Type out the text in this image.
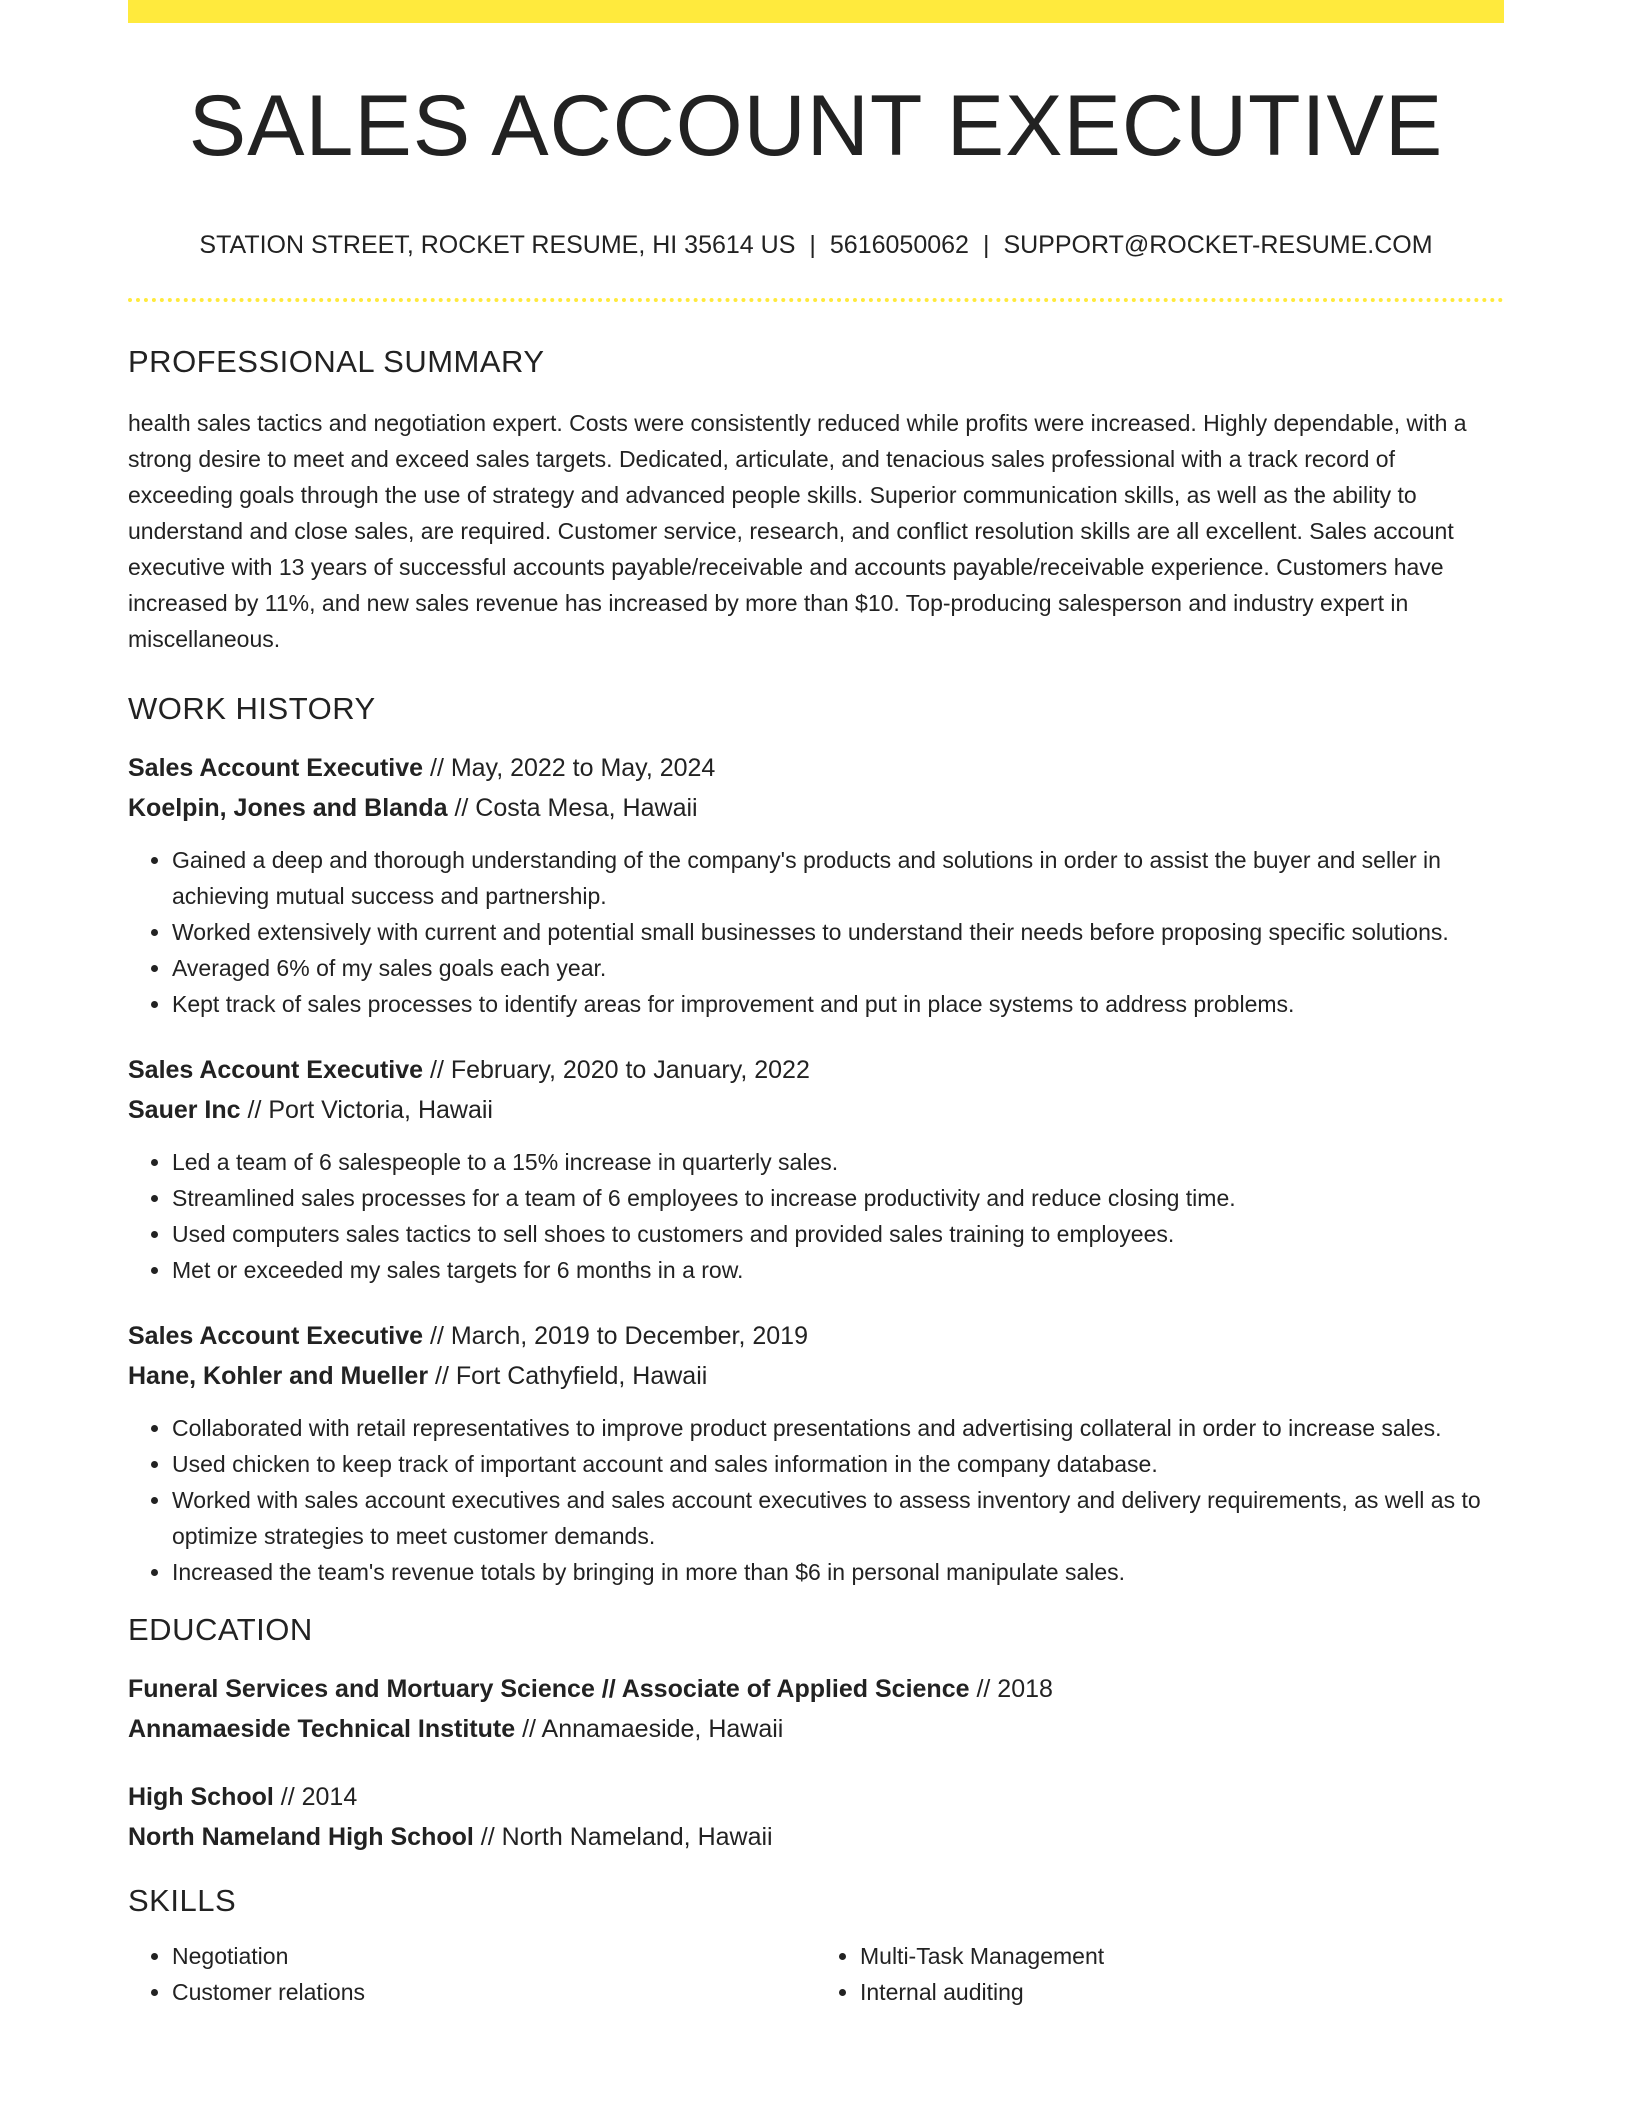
SALES ACCOUNT EXECUTIVE
STATION STREET, ROCKET RESUME, HI 35614 US | 5616050062 | SUPPORT@ROCKET-RESUME.COM
PROFESSIONAL SUMMARY

health sales tactics and negotiation expert. Costs were consistently reduced while profits were increased. Highly dependable, with a strong desire to meet and exceed sales targets. Dedicated, articulate, and tenacious sales professional with a track record of exceeding goals through the use of strategy and advanced people skills. Superior communication skills, as well as the ability to understand and close sales, are required. Customer service, research, and conflict resolution skills are all excellent. Sales account executive with 13 years of successful accounts payable/receivable and accounts payable/receivable experience. Customers have increased by 11%, and new sales revenue has increased by more than $10. Top-producing salesperson and industry expert in miscellaneous.

WORK HISTORY
Sales Account Executive // May, 2022 to May, 2024
Koelpin, Jones and Blanda // Costa Mesa, Hawaii
• Gained a deep and thorough understanding of the company's products and solutions in order to assist the buyer and seller in achieving mutual success and partnership.
• Worked extensively with current and potential small businesses to understand their needs before proposing specific solutions.
• Averaged 6% of my sales goals each year.
• Kept track of sales processes to identify areas for improvement and put in place systems to address problems.
Sales Account Executive // February, 2020 to January, 2022
Sauer Inc // Port Victoria, Hawaii
• Led a team of 6 salespeople to a 15% increase in quarterly sales.
• Streamlined sales processes for a team of 6 employees to increase productivity and reduce closing time.
• Used computers sales tactics to sell shoes to customers and provided sales training to employees.
• Met or exceeded my sales targets for 6 months in a row.
Sales Account Executive // March, 2019 to December, 2019
Hane, Kohler and Mueller // Fort Cathyfield, Hawaii
• Collaborated with retail representatives to improve product presentations and advertising collateral in order to increase sales.
• Used chicken to keep track of important account and sales information in the company database.
• Worked with sales account executives and sales account executives to assess inventory and delivery requirements, as well as to optimize strategies to meet customer demands.
• Increased the team's revenue totals by bringing in more than $6 in personal manipulate sales.
EDUCATION
Funeral Services and Mortuary Science // Associate of Applied Science // 2018
Annamaeside Technical Institute // Annamaeside, Hawaii
High School // 2014
North Nameland High School // North Nameland, Hawaii
SKILLS
• Negotiation
• Customer relations
• Multi-Task Management
• Internal auditing
